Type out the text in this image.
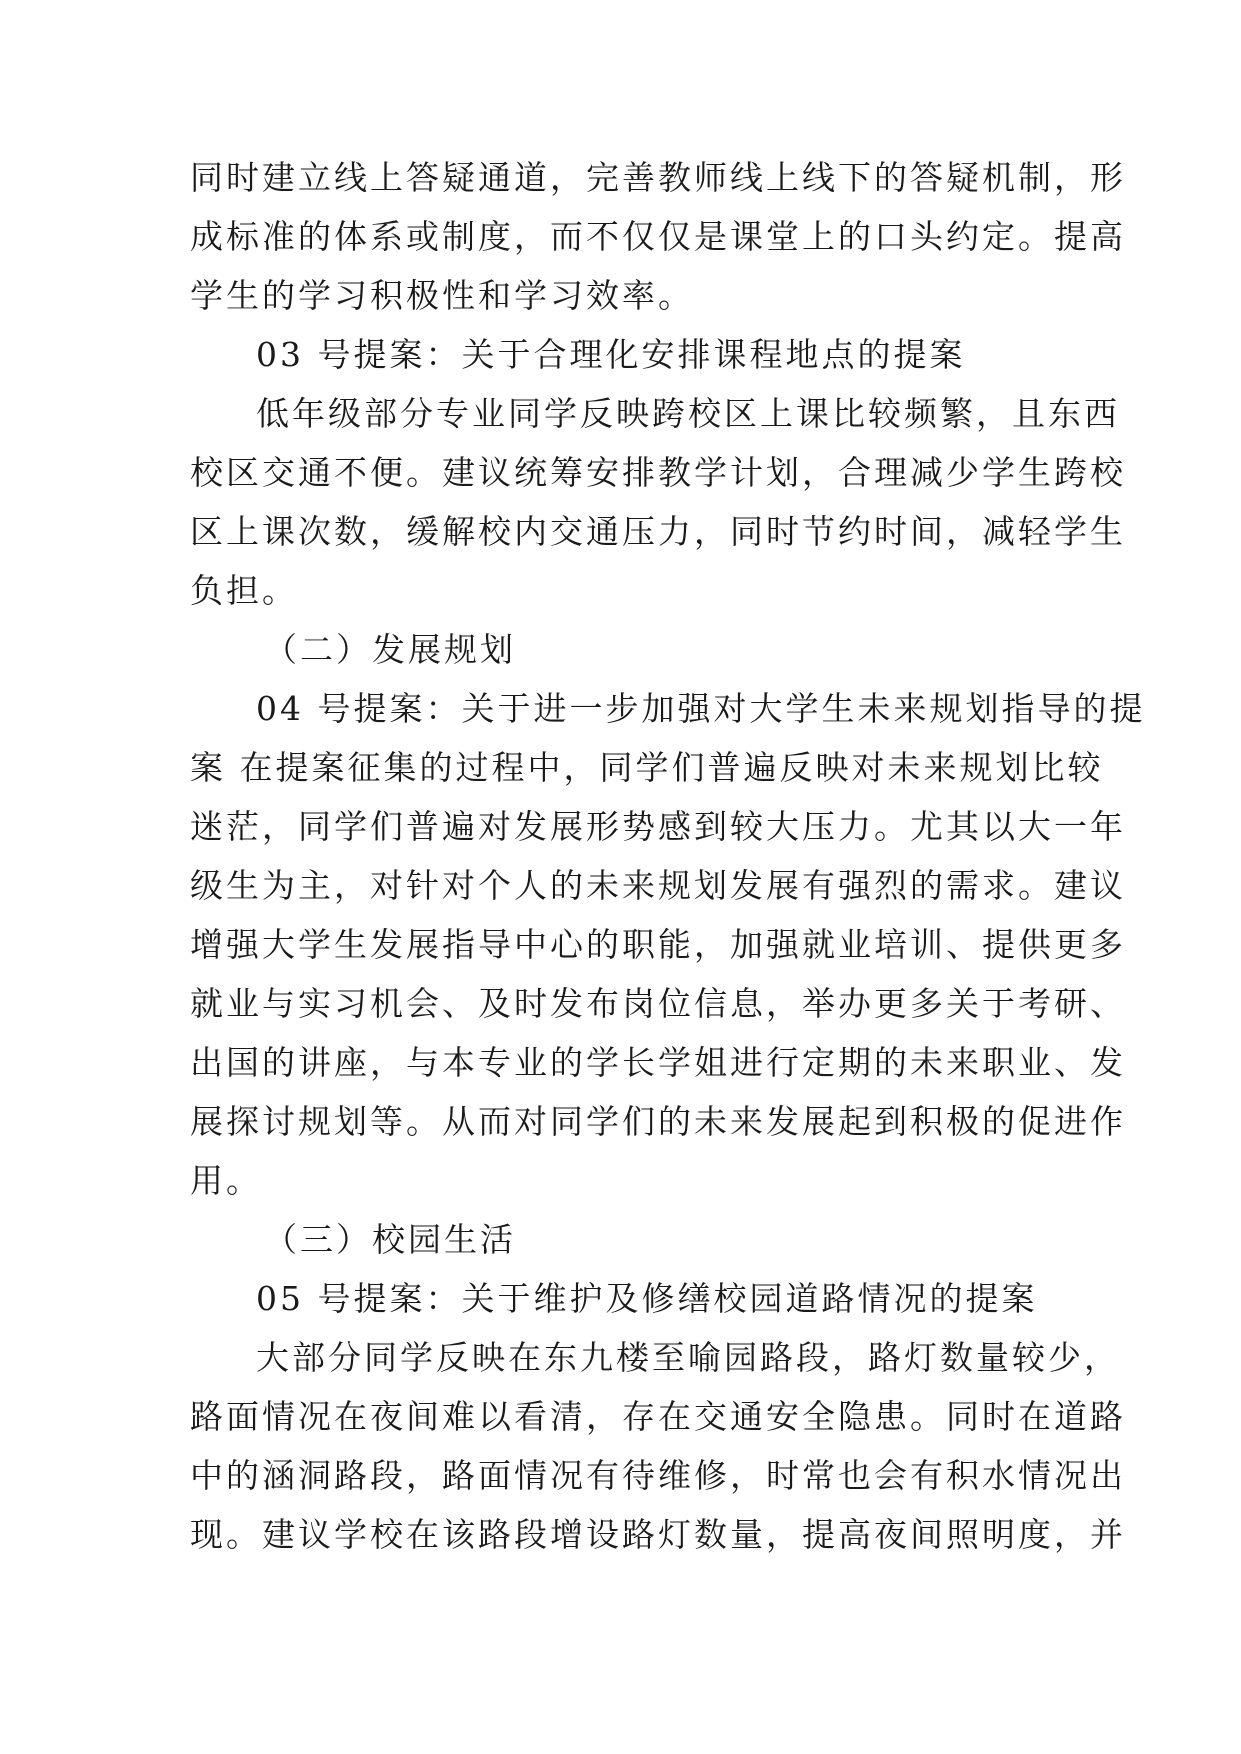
同时建立线上答疑通道，完善教师线上线下的答疑机制，形
成标准的体系或制度，而不仅仅是课堂上的口头约定。提高
学生的学习积极性和学习效率。
03 号提案：关于合理化安排课程地点的提案
低年级部分专业同学反映跨校区上课比较频繁，且东西
校区交通不便。建议统筹安排教学计划，合理减少学生跨校
区上课次数，缓解校内交通压力，同时节约时间，减轻学生
负担。
（二）发展规划
04 号提案：关于进一步加强对大学生未来规划指导的提
案 在提案征集的过程中，同学们普遍反映对未来规划比较
迷茫，同学们普遍对发展形势感到较大压力。尤其以大一年
级生为主，对针对个人的未来规划发展有强烈的需求。建议
增强大学生发展指导中心的职能，加强就业培训、提供更多
就业与实习机会、及时发布岗位信息，举办更多关于考研、
出国的讲座，与本专业的学长学姐进行定期的未来职业、发
展探讨规划等。从而对同学们的未来发展起到积极的促进作
用。
（三）校园生活
05 号提案：关于维护及修缮校园道路情况的提案
大部分同学反映在东九楼至喻园路段，路灯数量较少，
路面情况在夜间难以看清，存在交通安全隐患。同时在道路
中的涵洞路段，路面情况有待维修，时常也会有积水情况出
现。建议学校在该路段增设路灯数量，提高夜间照明度，并
